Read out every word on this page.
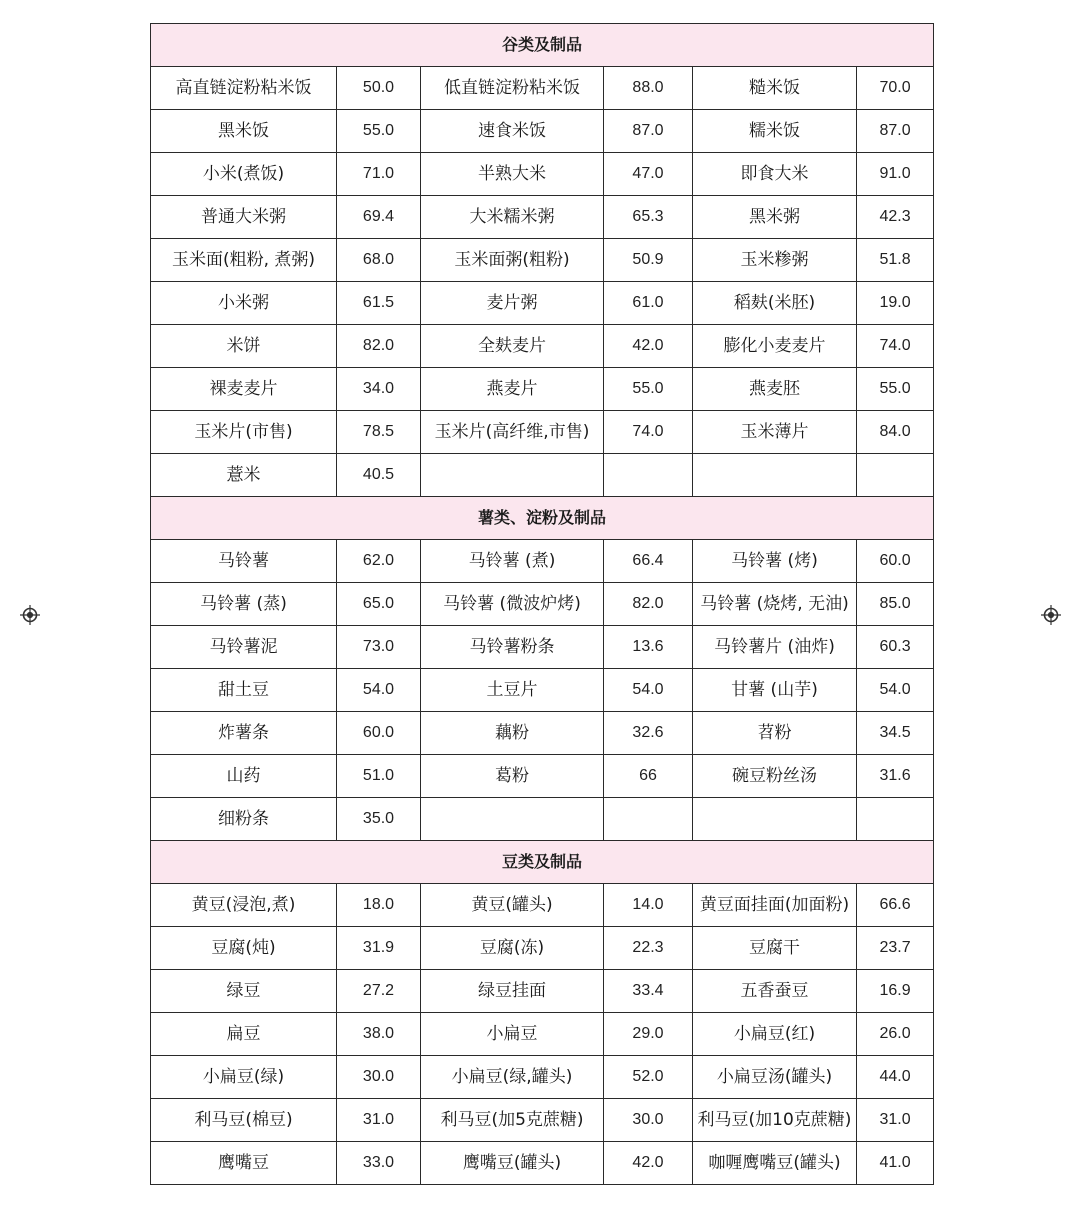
谷类及制品					
高直链淀粉粘米饭	50.0	低直链淀粉粘米饭	88.0	糙米饭	70.0
黑米饭	55.0	速食米饭	87.0	糯米饭	87.0
小米(煮饭)	71.0	半熟大米	47.0	即食大米	91.0
普通大米粥	69.4	大米糯米粥	65.3	黑米粥	42.3
玉米面(粗粉, 煮粥)	68.0	玉米面粥(粗粉)	50.9	玉米糁粥	51.8
小米粥	61.5	麦片粥	61.0	稻麸(米胚)	19.0
米饼	82.0	全麸麦片	42.0	膨化小麦麦片	74.0
裸麦麦片	34.0	燕麦片	55.0	燕麦胚	55.0
玉米片(市售)	78.5	玉米片(高纤维,市售)	74.0	玉米薄片	84.0
薏米	40.5				
薯类、淀粉及制品					
马铃薯	62.0	马铃薯 (煮)	66.4	马铃薯 (烤)	60.0
马铃薯 (蒸)	65.0	马铃薯 (微波炉烤)	82.0	马铃薯 (烧烤, 无油)	85.0
马铃薯泥	73.0	马铃薯粉条	13.6	马铃薯片 (油炸)	60.3
甜土豆	54.0	土豆片	54.0	甘薯 (山芋)	54.0
炸薯条	60.0	藕粉	32.6	苕粉	34.5
山药	51.0	葛粉	66	碗豆粉丝汤	31.6
细粉条	35.0				
豆类及制品					
黄豆(浸泡,煮)	18.0	黄豆(罐头)	14.0	黄豆面挂面(加面粉)	66.6
豆腐(炖)	31.9	豆腐(冻)	22.3	豆腐干	23.7
绿豆	27.2	绿豆挂面	33.4	五香蚕豆	16.9
扁豆	38.0	小扁豆	29.0	小扁豆(红)	26.0
小扁豆(绿)	30.0	小扁豆(绿,罐头)	52.0	小扁豆汤(罐头)	44.0
利马豆(棉豆)	31.0	利马豆(加5克蔗糖)	30.0	利马豆(加10克蔗糖)	31.0
鹰嘴豆	33.0	鹰嘴豆(罐头)	42.0	咖喱鹰嘴豆(罐头)	41.0
